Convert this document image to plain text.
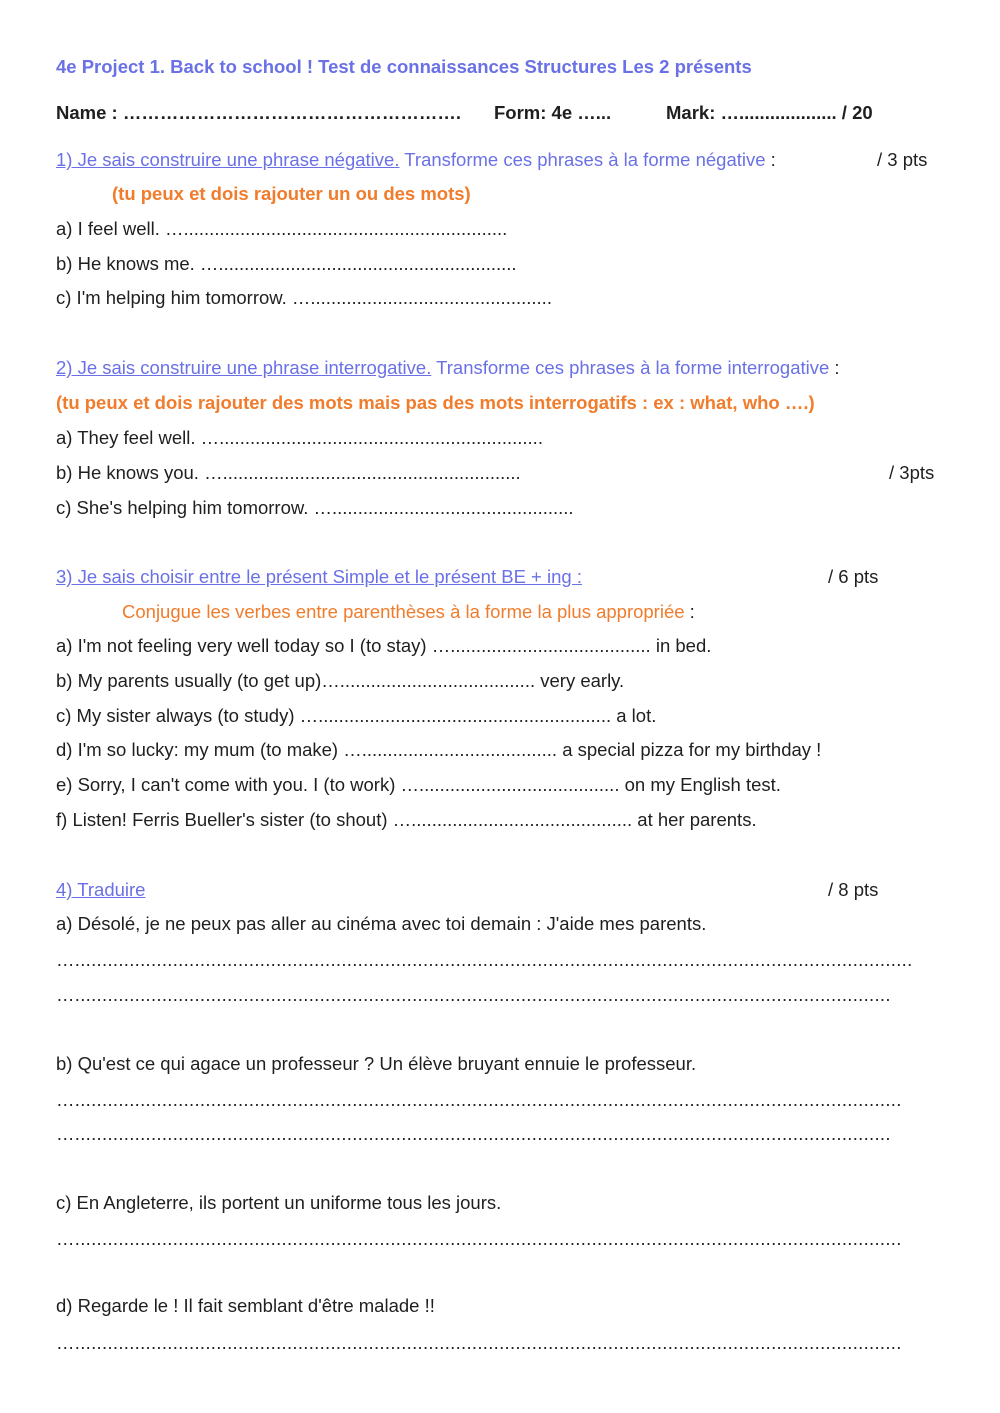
4e Project 1. Back to school ! Test de connaissances Structures Les 2 présents
Name : ………………………………………………. Form: 4e …...	Mark: …................... / 20
1) Je sais construire une phrase négative. Transforme ces phrases à la forme négative :	/ 3 pts
(tu peux et dois rajouter un ou des mots)
a) I feel well. …...............................................................
b) He knows me. …..........................................................
c) I'm helping him tomorrow. …...............................................
2) Je sais construire une phrase interrogative. Transforme ces phrases à la forme interrogative :
(tu peux et dois rajouter des mots mais pas des mots interrogatifs : ex : what, who ….)
a) They feel well. …...............................................................
b) He knows you. …..........................................................	/ 3pts
c) She's helping him tomorrow. …...............................................
3) Je sais choisir entre le présent Simple et le présent BE + ing :	/ 6 pts
Conjugue les verbes entre parenthèses à la forme la plus appropriée :
a) I'm not feeling very well today so I (to stay) …....................................... in bed.
b) My parents usually (to get up)…...................................... very early.
c) My sister always (to study) …......................................................... a lot.
d) I'm so lucky: my mum (to make) …...................................... a special pizza for my birthday !
e) Sorry, I can't come with you. I (to work) …....................................... on my English test.
f) Listen! Ferris Bueller's sister (to shout) …........................................... at her parents.
4) Traduire	/ 8 pts
a) Désolé, je ne peux pas aller au cinéma avec toi demain : J'aide mes parents.
…..........................................................................................................................................................
…......................................................................................................................................................
b) Qu'est ce qui agace un professeur ? Un élève bruyant ennuie le professeur.
…........................................................................................................................................................
…......................................................................................................................................................
c) En Angleterre, ils portent un uniforme tous les jours.
…........................................................................................................................................................
d) Regarde le ! Il fait semblant d'être malade !!
…........................................................................................................................................................
